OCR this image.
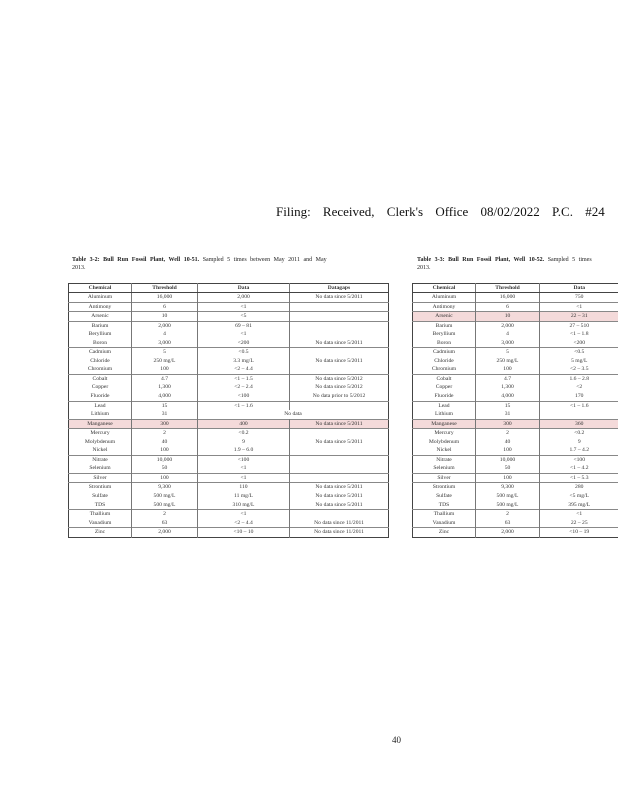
Filing: Received, Clerk's Office 08/02/2022 P.C. #24
Table 3-2: Bull Run Fossil Plant, Well 10-51. Sampled 5 times between May 2011 and May
2013.
Table 3-3: Bull Run Fossil Plant, Well 10-52. Sampled 5 times
2013.
Chemical	Threshold	Data	Datagaps
Aluminum	16,000	2,000	No data since 5/2011
Antimony	6	<1	
Arsenic	10	<5	
Barium	2,000	69 – 81	
Beryllium	4	<1	
Boron	3,000	<200	No data since 5/2011
Cadmium	5	<0.5	
Chloride	250 mg/L	3.3 mg/L	No data since 5/2011
Chromium	100	<2 – 4.4	
Cobalt	4.7	<1 – 1.5	No data since 5/2012
Copper	1,300	<2 – 2.4	No data since 5/2012
Fluoride	4,000	<100	No data prior to 5/2012
Lead	15	<1 – 1.6	
Lithium	31	No data	
Manganese	300	400	No data since 5/2011
Mercury	2	<0.2	
Molybdenum	40	9	No data since 5/2011
Nickel	100	1.9 – 6.0	
Nitrate	10,000	<100	
Selenium	50	<1	
Silver	100	<1	
Strontium	9,300	110	No data since 5/2011
Sulfate	500 mg/L	11 mg/L	No data since 5/2011
TDS	500 mg/L	310 mg/L	No data since 5/2011
Thallium	2	<1	
Vanadium	63	<2 – 4.4	No data since 11/2011
Zinc	2,000	<10 – 10	No data since 11/2011
Chemical	Threshold	Data
Aluminum	16,000	750
Antimony	6	<1
Arsenic	10	22 – 31
Barium	2,000	27 – 510
Beryllium	4	<1 – 1.8
Boron	3,000	<200
Cadmium	5	<0.5
Chloride	250 mg/L	5 mg/L
Chromium	100	<2 – 3.5
Cobalt	4.7	1.6 – 2.8
Copper	1,300	<2
Fluoride	4,000	170
Lead	15	<1 – 1.6
Lithium	31	
Manganese	300	360
Mercury	2	<0.2
Molybdenum	40	9
Nickel	100	1.7 – 4.2
Nitrate	10,000	<100
Selenium	50	<1 – 4.2
Silver	100	<1 – 5.3
Strontium	9,300	280
Sulfate	500 mg/L	<5 mg/L
TDS	500 mg/L	395 mg/L
Thallium	2	<1
Vanadium	63	22 – 25
Zinc	2,000	<10 – 19
40
